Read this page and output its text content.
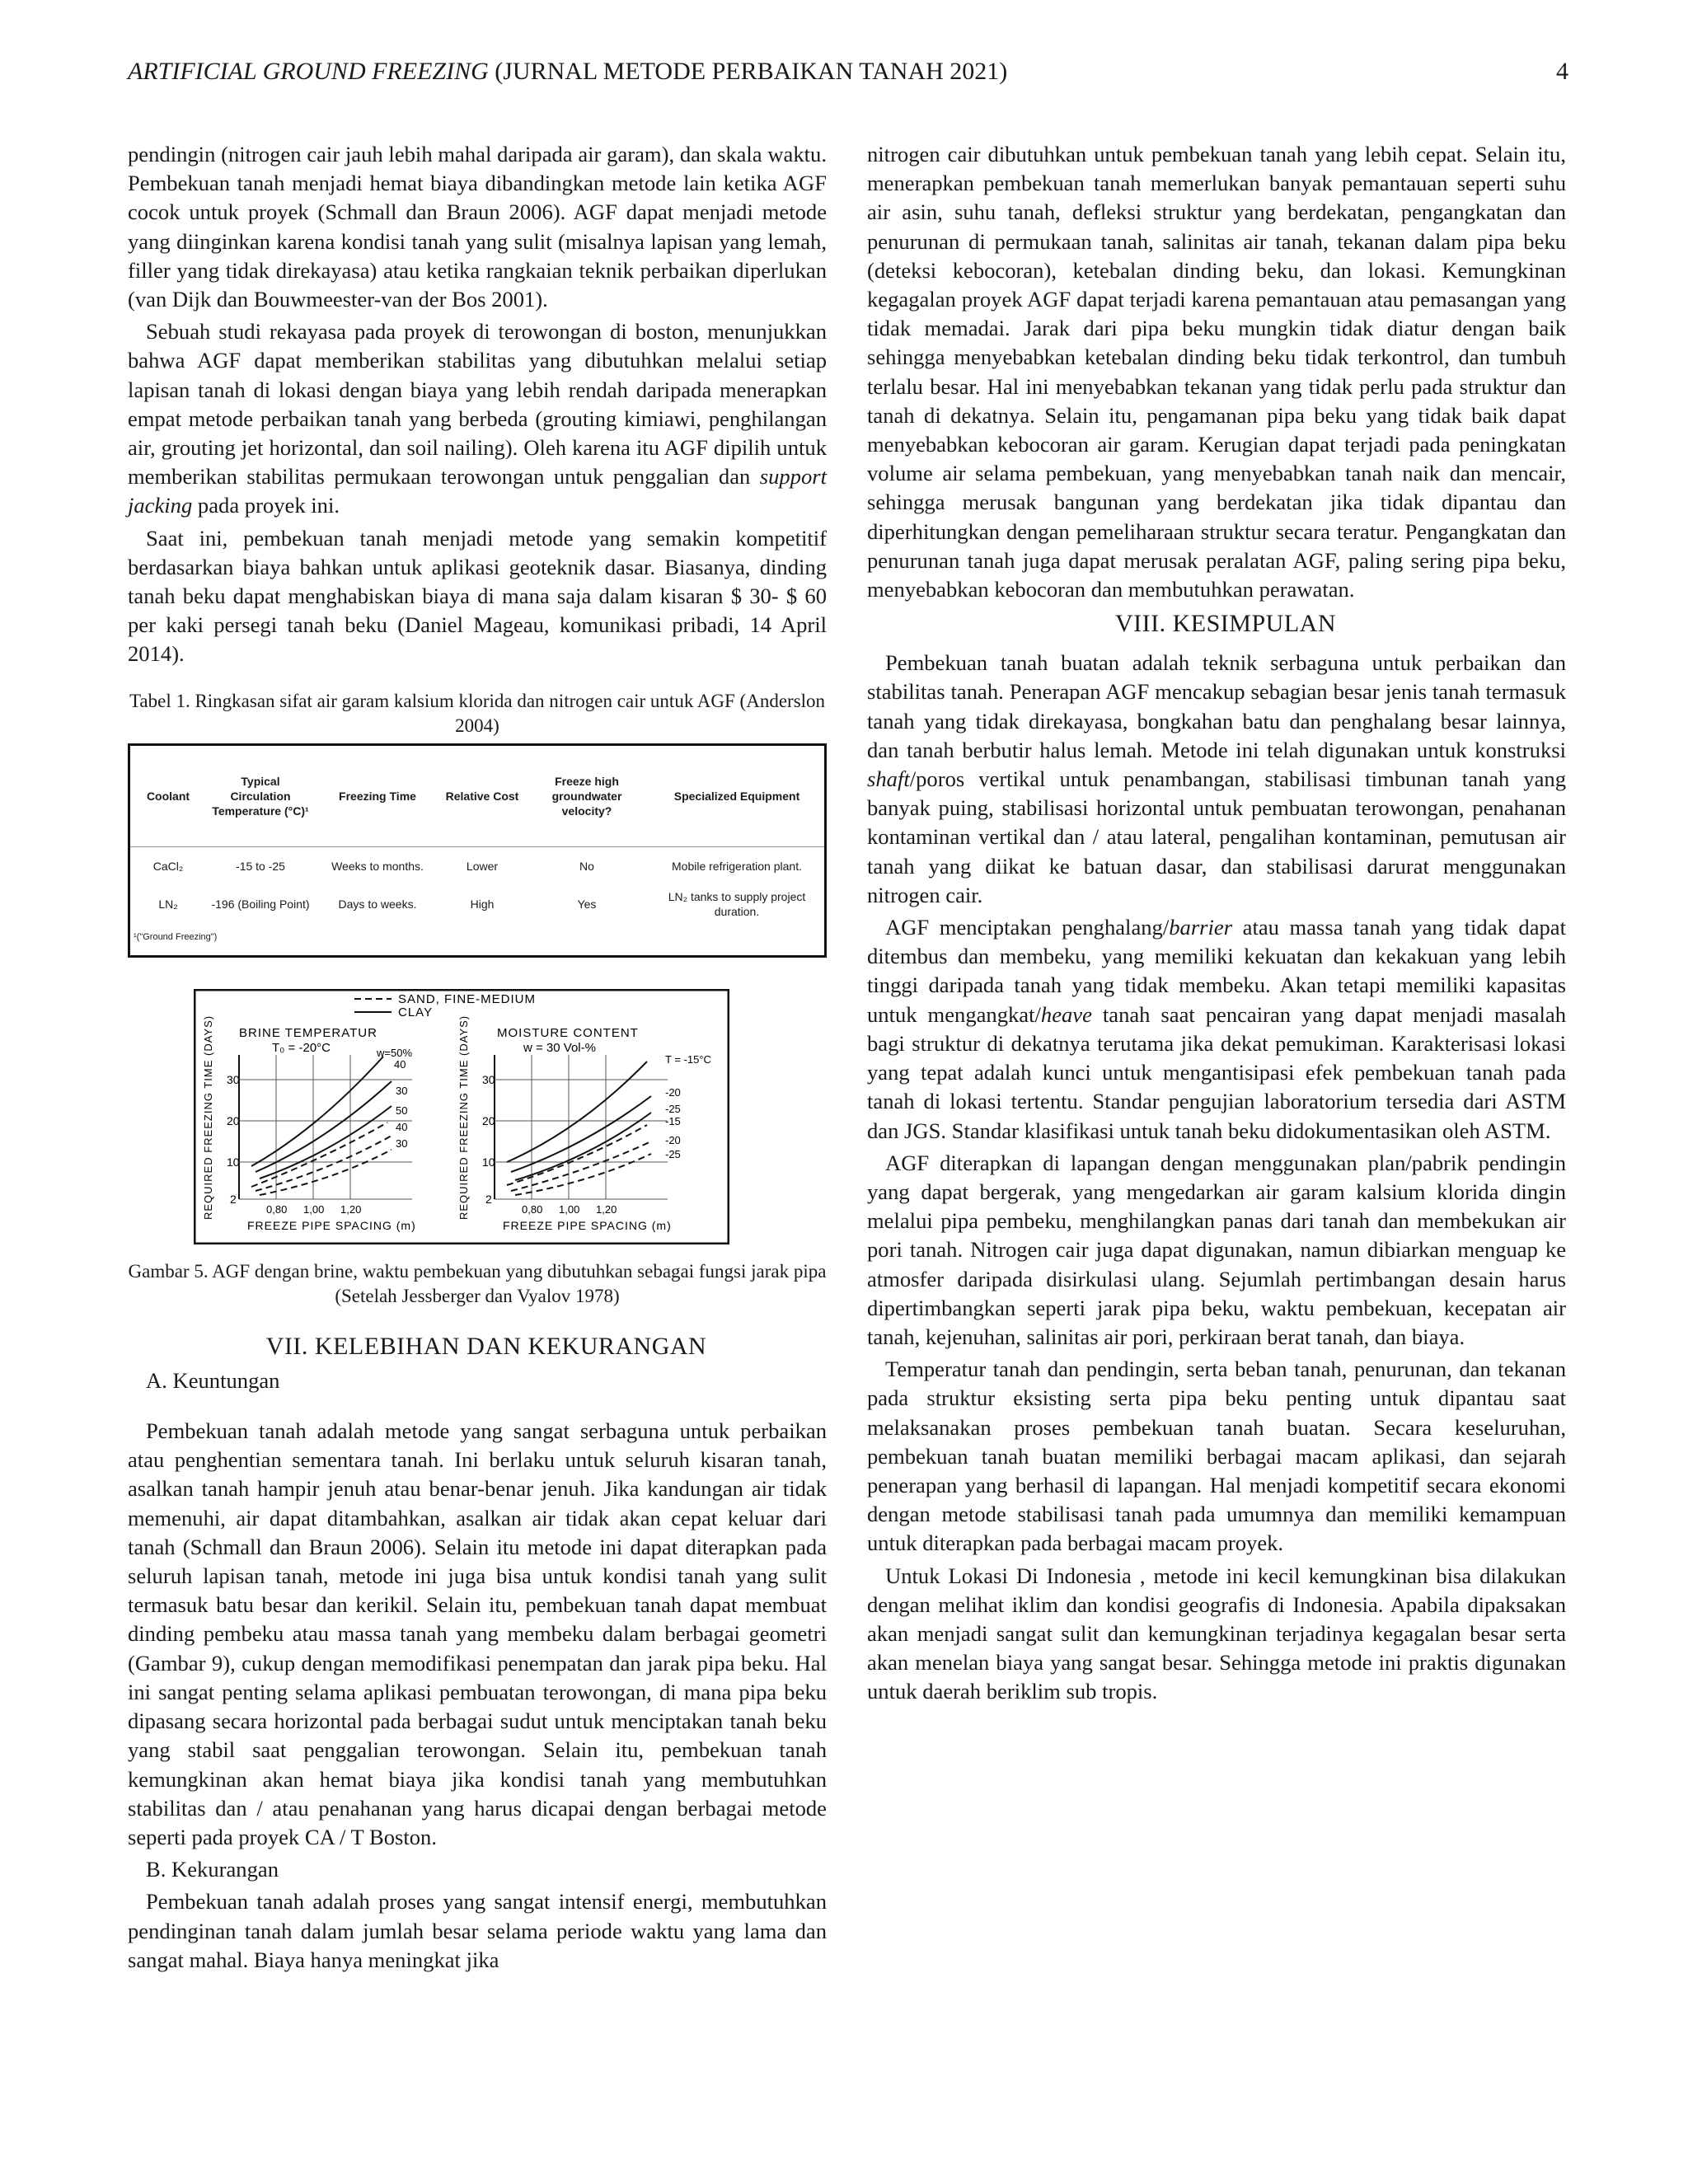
ARTIFICIAL GROUND FREEZING (JURNAL METODE PERBAIKAN TANAH 2021)	4

pendingin (nitrogen cair jauh lebih mahal daripada air garam), dan skala waktu. Pembekuan tanah menjadi hemat biaya dibandingkan metode lain ketika AGF cocok untuk proyek (Schmall dan Braun 2006). AGF dapat menjadi metode yang diinginkan karena kondisi tanah yang sulit (misalnya lapisan yang lemah, filler yang tidak direkayasa) atau ketika rangkaian teknik perbaikan diperlukan (van Dijk dan Bouwmeester-van der Bos 2001).

Sebuah studi rekayasa pada proyek di terowongan di boston, menunjukkan bahwa AGF dapat memberikan stabilitas yang dibutuhkan melalui setiap lapisan tanah di lokasi dengan biaya yang lebih rendah daripada menerapkan empat metode perbaikan tanah yang berbeda (grouting kimiawi, penghilangan air, grouting jet horizontal, dan soil nailing). Oleh karena itu AGF dipilih untuk memberikan stabilitas permukaan terowongan untuk penggalian dan support jacking pada proyek ini.

Saat ini, pembekuan tanah menjadi metode yang semakin kompetitif berdasarkan biaya bahkan untuk aplikasi geoteknik dasar. Biasanya, dinding tanah beku dapat menghabiskan biaya di mana saja dalam kisaran $ 30- $ 60 per kaki persegi tanah beku (Daniel Mageau, komunikasi pribadi, 14 April 2014).

Tabel 1. Ringkasan sifat air garam kalsium klorida dan nitrogen cair untuk AGF (Anderslon 2004)

Coolant	Typical Circulation Temperature (°C)¹	Freezing Time	Relative Cost	Freeze high groundwater velocity?	Specialized Equipment
CaCl₂	-15 to -25	Weeks to months.	Lower	No	Mobile refrigeration plant.
LN₂	-196 (Boiling Point)	Days to weeks.	High	Yes	LN₂ tanks to supply project duration.
¹("Ground Freezing")
SAND, FINE-MEDIUM
CLAY
REQUIRED FREEZING TIME (DAYS) BRINE TEMPERATUR
T₀ = -20°C
30
20
10
2
0,80 1,00 1,20
FREEZE PIPE SPACING (m)
w=50%
40
30
50
40
30	REQUIRED FREEZING TIME (DAYS) MOISTURE CONTENT
w = 30 Vol-%
30
20
10
2
0,80 1,00 1,20
FREEZE PIPE SPACING (m)
T = -15°C
-20
-25
-15
-20
-25

Gambar 5. AGF dengan brine, waktu pembekuan yang dibutuhkan sebagai fungsi jarak pipa (Setelah Jessberger dan Vyalov 1978)

VII. KELEBIHAN DAN KEKURANGAN

A. Keuntungan

Pembekuan tanah adalah metode yang sangat serbaguna untuk perbaikan atau penghentian sementara tanah. Ini berlaku untuk seluruh kisaran tanah, asalkan tanah hampir jenuh atau benar-benar jenuh. Jika kandungan air tidak memenuhi, air dapat ditambahkan, asalkan air tidak akan cepat keluar dari tanah (Schmall dan Braun 2006). Selain itu metode ini dapat diterapkan pada seluruh lapisan tanah, metode ini juga bisa untuk kondisi tanah yang sulit termasuk batu besar dan kerikil. Selain itu, pembekuan tanah dapat membuat dinding pembeku atau massa tanah yang membeku dalam berbagai geometri (Gambar 9), cukup dengan memodifikasi penempatan dan jarak pipa beku. Hal ini sangat penting selama aplikasi pembuatan terowongan, di mana pipa beku dipasang secara horizontal pada berbagai sudut untuk menciptakan tanah beku yang stabil saat penggalian terowongan. Selain itu, pembekuan tanah kemungkinan akan hemat biaya jika kondisi tanah yang membutuhkan stabilitas dan / atau penahanan yang harus dicapai dengan berbagai metode seperti pada proyek CA / T Boston.

B. Kekurangan

Pembekuan tanah adalah proses yang sangat intensif energi, membutuhkan pendinginan tanah dalam jumlah besar selama periode waktu yang lama dan sangat mahal. Biaya hanya meningkat jika

nitrogen cair dibutuhkan untuk pembekuan tanah yang lebih cepat. Selain itu, menerapkan pembekuan tanah memerlukan banyak pemantauan seperti suhu air asin, suhu tanah, defleksi struktur yang berdekatan, pengangkatan dan penurunan di permukaan tanah, salinitas air tanah, tekanan dalam pipa beku (deteksi kebocoran), ketebalan dinding beku, dan lokasi. Kemungkinan kegagalan proyek AGF dapat terjadi karena pemantauan atau pemasangan yang tidak memadai. Jarak dari pipa beku mungkin tidak diatur dengan baik sehingga menyebabkan ketebalan dinding beku tidak terkontrol, dan tumbuh terlalu besar. Hal ini menyebabkan tekanan yang tidak perlu pada struktur dan tanah di dekatnya. Selain itu, pengamanan pipa beku yang tidak baik dapat menyebabkan kebocoran air garam. Kerugian dapat terjadi pada peningkatan volume air selama pembekuan, yang menyebabkan tanah naik dan mencair, sehingga merusak bangunan yang berdekatan jika tidak dipantau dan diperhitungkan dengan pemeliharaan struktur secara teratur. Pengangkatan dan penurunan tanah juga dapat merusak peralatan AGF, paling sering pipa beku, menyebabkan kebocoran dan membutuhkan perawatan.

VIII. KESIMPULAN

Pembekuan tanah buatan adalah teknik serbaguna untuk perbaikan dan stabilitas tanah. Penerapan AGF mencakup sebagian besar jenis tanah termasuk tanah yang tidak direkayasa, bongkahan batu dan penghalang besar lainnya, dan tanah berbutir halus lemah. Metode ini telah digunakan untuk konstruksi shaft/poros vertikal untuk penambangan, stabilisasi timbunan tanah yang banyak puing, stabilisasi horizontal untuk pembuatan terowongan, penahanan kontaminan vertikal dan / atau lateral, pengalihan kontaminan, pemutusan air tanah yang diikat ke batuan dasar, dan stabilisasi darurat menggunakan nitrogen cair.

AGF menciptakan penghalang/barrier atau massa tanah yang tidak dapat ditembus dan membeku, yang memiliki kekuatan dan kekakuan yang lebih tinggi daripada tanah yang tidak membeku. Akan tetapi memiliki kapasitas untuk mengangkat/heave tanah saat pencairan yang dapat menjadi masalah bagi struktur di dekatnya terutama jika dekat pemukiman. Karakterisasi lokasi yang tepat adalah kunci untuk mengantisipasi efek pembekuan tanah pada tanah di lokasi tertentu. Standar pengujian laboratorium tersedia dari ASTM dan JGS. Standar klasifikasi untuk tanah beku didokumentasikan oleh ASTM.

AGF diterapkan di lapangan dengan menggunakan plan/pabrik pendingin yang dapat bergerak, yang mengedarkan air garam kalsium klorida dingin melalui pipa pembeku, menghilangkan panas dari tanah dan membekukan air pori tanah. Nitrogen cair juga dapat digunakan, namun dibiarkan menguap ke atmosfer daripada disirkulasi ulang. Sejumlah pertimbangan desain harus dipertimbangkan seperti jarak pipa beku, waktu pembekuan, kecepatan air tanah, kejenuhan, salinitas air pori, perkiraan berat tanah, dan biaya.

Temperatur tanah dan pendingin, serta beban tanah, penurunan, dan tekanan pada struktur eksisting serta pipa beku penting untuk dipantau saat melaksanakan proses pembekuan tanah buatan. Secara keseluruhan, pembekuan tanah buatan memiliki berbagai macam aplikasi, dan sejarah penerapan yang berhasil di lapangan. Hal menjadi kompetitif secara ekonomi dengan metode stabilisasi tanah pada umumnya dan memiliki kemampuan untuk diterapkan pada berbagai macam proyek.

Untuk Lokasi Di Indonesia , metode ini kecil kemungkinan bisa dilakukan dengan melihat iklim dan kondisi geografis di Indonesia. Apabila dipaksakan akan menjadi sangat sulit dan kemungkinan terjadinya kegagalan besar serta akan menelan biaya yang sangat besar. Sehingga metode ini praktis digunakan untuk daerah beriklim sub tropis.
